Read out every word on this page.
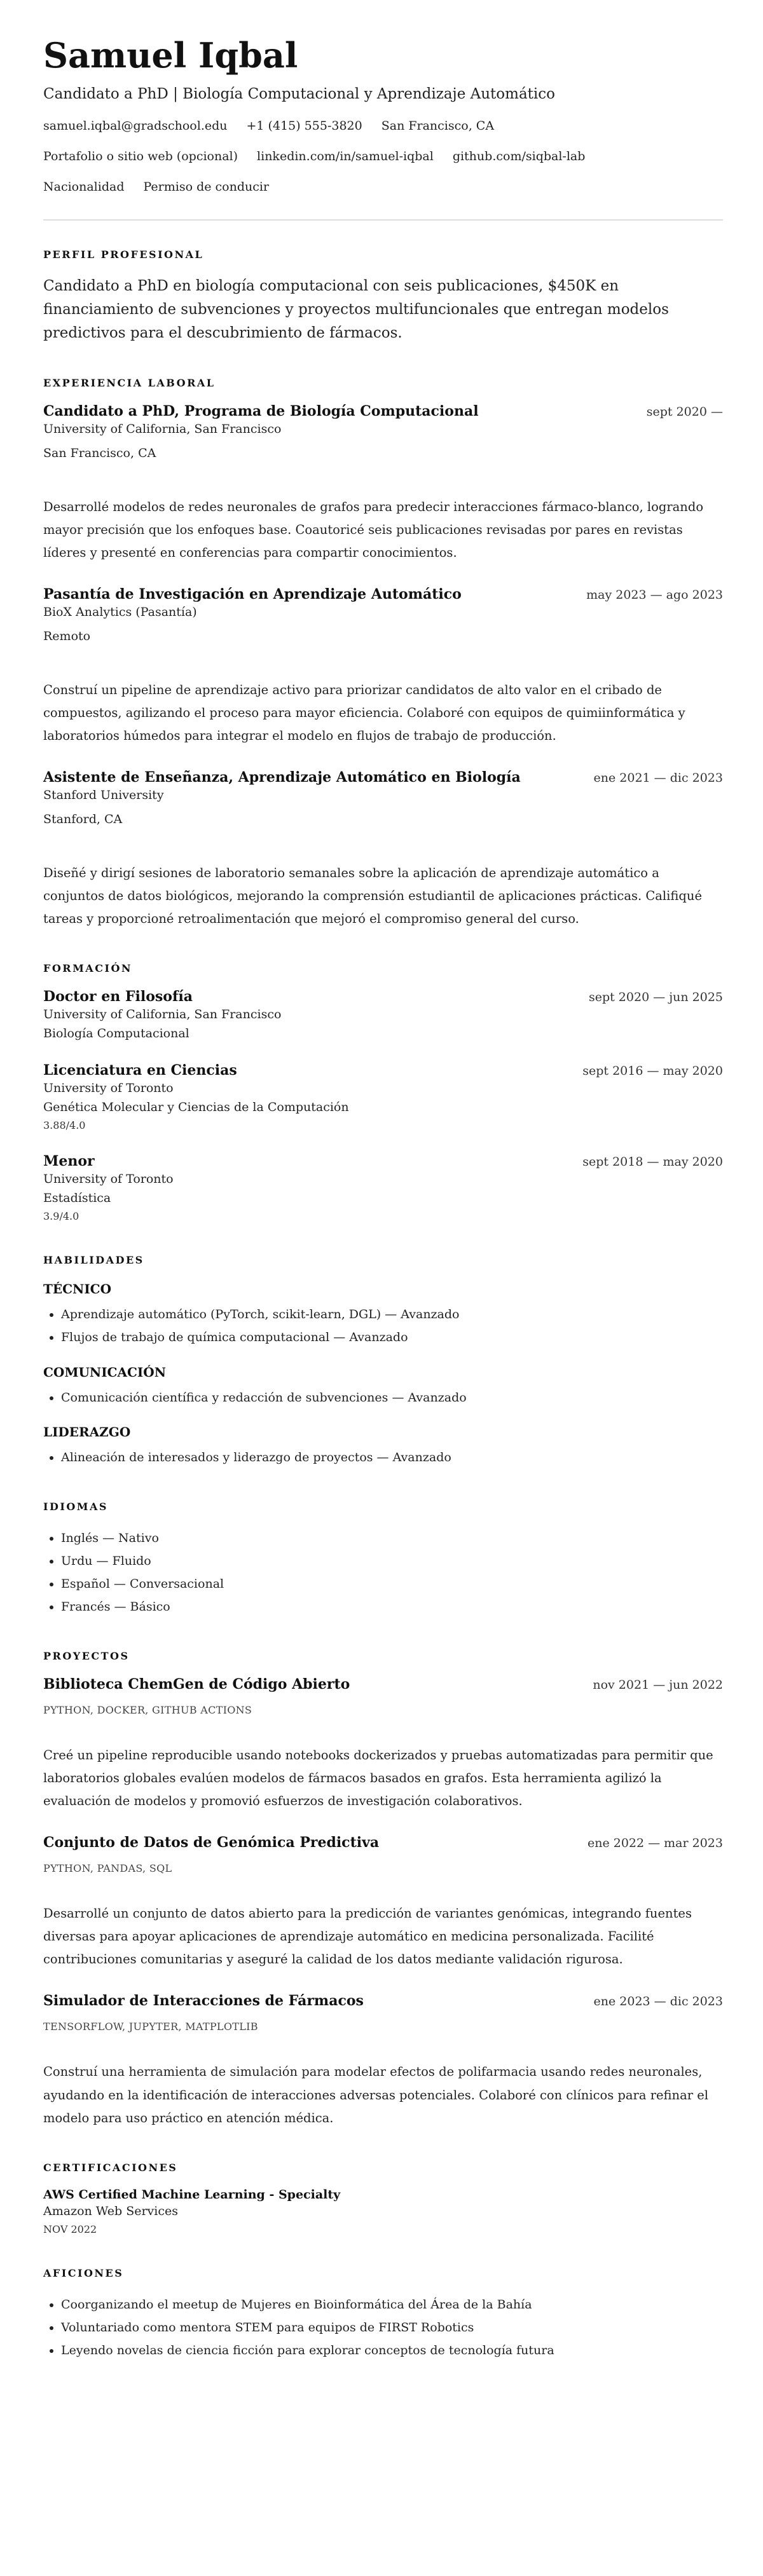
Samuel Iqbal
Candidato a PhD | Biología Computacional y Aprendizaje Automático
samuel.iqbal@gradschool.edu +1 (415) 555-3820 San Francisco, CA
Portafolio o sitio web (opcional) linkedin.com/in/samuel-iqbal github.com/siqbal-lab
Nacionalidad Permiso de conducir
PERFIL PROFESIONAL
Candidato a PhD en biología computacional con seis publicaciones, $450K en financiamiento de subvenciones y proyectos multifuncionales que entregan modelos predictivos para el descubrimiento de fármacos.
EXPERIENCIA LABORAL
Candidato a PhD, Programa de Biología Computacional	sept 2020 —
University of California, San Francisco
San Francisco, CA
Desarrollé modelos de redes neuronales de grafos para predecir interacciones fármaco-blanco, logrando mayor precisión que los enfoques base. Coautoricé seis publicaciones revisadas por pares en revistas líderes y presenté en conferencias para compartir conocimientos.
Pasantía de Investigación en Aprendizaje Automático	may 2023 — ago 2023
BioX Analytics (Pasantía)
Remoto
Construí un pipeline de aprendizaje activo para priorizar candidatos de alto valor en el cribado de compuestos, agilizando el proceso para mayor eficiencia. Colaboré con equipos de quimiinformática y laboratorios húmedos para integrar el modelo en flujos de trabajo de producción.
Asistente de Enseñanza, Aprendizaje Automático en Biología	ene 2021 — dic 2023
Stanford University
Stanford, CA
Diseñé y dirigí sesiones de laboratorio semanales sobre la aplicación de aprendizaje automático a conjuntos de datos biológicos, mejorando la comprensión estudiantil de aplicaciones prácticas. Califiqué tareas y proporcioné retroalimentación que mejoró el compromiso general del curso.
FORMACIÓN
Doctor en Filosofía	sept 2020 — jun 2025
University of California, San Francisco
Biología Computacional
Licenciatura en Ciencias	sept 2016 — may 2020
University of Toronto
Genética Molecular y Ciencias de la Computación
3.88/4.0
Menor	sept 2018 — may 2020
University of Toronto
Estadística
3.9/4.0
HABILIDADES
TÉCNICO
• Aprendizaje automático (PyTorch, scikit-learn, DGL) — Avanzado
• Flujos de trabajo de química computacional — Avanzado
COMUNICACIÓN
• Comunicación científica y redacción de subvenciones — Avanzado
LIDERAZGO
• Alineación de interesados y liderazgo de proyectos — Avanzado
IDIOMAS
• Inglés — Nativo
• Urdu — Fluido
• Español — Conversacional
• Francés — Básico
PROYECTOS
Biblioteca ChemGen de Código Abierto	nov 2021 — jun 2022
PYTHON, DOCKER, GITHUB ACTIONS
Creé un pipeline reproducible usando notebooks dockerizados y pruebas automatizadas para permitir que laboratorios globales evalúen modelos de fármacos basados en grafos. Esta herramienta agilizó la evaluación de modelos y promovió esfuerzos de investigación colaborativos.
Conjunto de Datos de Genómica Predictiva	ene 2022 — mar 2023
PYTHON, PANDAS, SQL
Desarrollé un conjunto de datos abierto para la predicción de variantes genómicas, integrando fuentes diversas para apoyar aplicaciones de aprendizaje automático en medicina personalizada. Facilité contribuciones comunitarias y aseguré la calidad de los datos mediante validación rigurosa.
Simulador de Interacciones de Fármacos	ene 2023 — dic 2023
TENSORFLOW, JUPYTER, MATPLOTLIB
Construí una herramienta de simulación para modelar efectos de polifarmacia usando redes neuronales, ayudando en la identificación de interacciones adversas potenciales. Colaboré con clínicos para refinar el modelo para uso práctico en atención médica.
CERTIFICACIONES
AWS Certified Machine Learning - Specialty
Amazon Web Services
NOV 2022
AFICIONES
• Coorganizando el meetup de Mujeres en Bioinformática del Área de la Bahía
• Voluntariado como mentora STEM para equipos de FIRST Robotics
• Leyendo novelas de ciencia ficción para explorar conceptos de tecnología futura
